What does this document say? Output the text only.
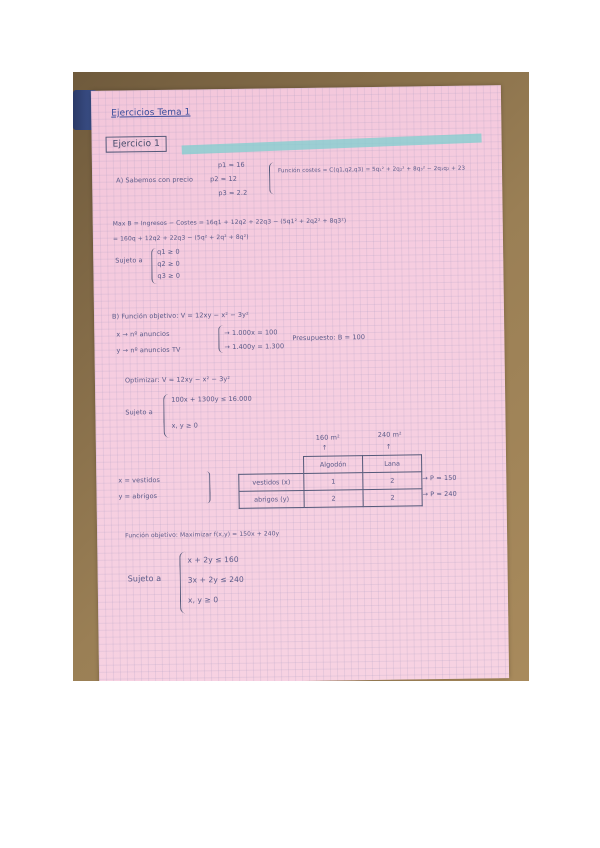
Ejercicios Tema 1
Ejercicio 1
A) Sabemos con precio
p1 = 16
p2 = 12
p3 = 2.2
Función costes = C(q1,q2,q3) = 5q₁² + 2q₂² + 8q₃² − 2q₁q₂ + 23
Max B = Ingresos − Costes = 16q1 + 12q2 + 22q3 − (5q1² + 2q2² + 8q3²)
= 160q + 12q2 + 22q3 − (5q² + 2q² + 8q²)
Sujeto a
q1 ≥ 0
q2 ≥ 0
q3 ≥ 0
B) Función objetivo: V = 12xy − x² − 3y²
x → nº anuncios
y → nº anuncios TV
→ 1.000x = 100
→ 1.400y = 1.300
Presupuesto: B = 100
Optimizar: V = 12xy − x² − 3y²
Sujeto a
100x + 1300y ≤ 16.000
x, y ≥ 0
160 m²	240 m²
↑	↑
x = vestidos
y = abrigos
	Algodón	Lana
vestidos (x)	1	2
abrigos (y)	2	2
→ P = 150
→ P = 240
Función objetivo: Maximizar f(x,y) = 150x + 240y
Sujeto a
x + 2y ≤ 160
3x + 2y ≤ 240
x, y ≥ 0
